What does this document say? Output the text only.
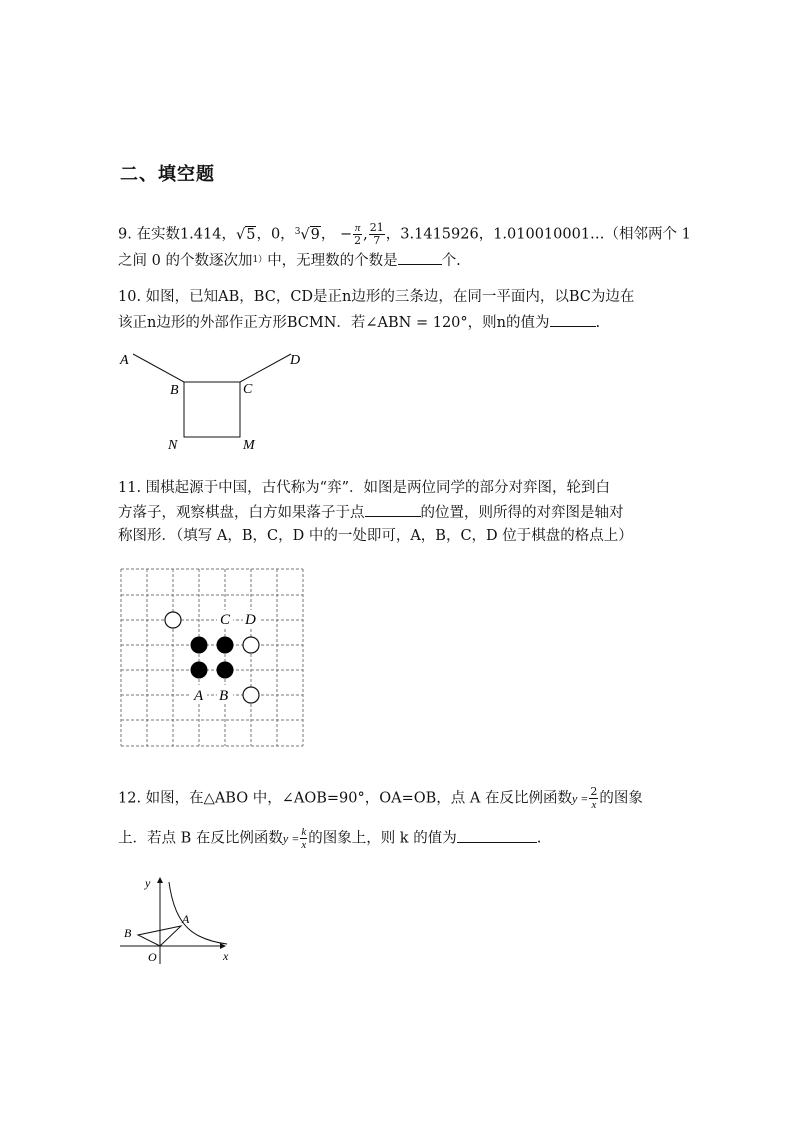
二、填空题
9. 在实数1.414，√5，0，$^3$√9， − $\frac{\pi}{2}$ , $\frac{21}{7}$ ，3.1415926，1.010010001…（相邻两个 1
之间 0 的个数逐次加$^{1)}$中，无理数的个数是	个.
10. 如图，已知AB，BC，CD是正n边形的三条边，在同一平面内，以BC为边在
该正n边形的外部作正方形BCMN．若∠ABN = 120°，则n的值为	.
A
B	C
D
N	M
11. 围棋起源于中国，古代称为“弈”．如图是两位同学的部分对弈图，轮到白
方落子，观察棋盘，白方如果落子于点	的位置，则所得的对弈图是轴对
称图形．（填写 A，B，C，D 中的一处即可，A，B，C，D 位于棋盘的格点上）
C D
A B
12. 如图，在△ABO 中，∠AOB=90°，OA=OB，点 A 在反比例函数$y = \frac{2}{x}$ 的图象
上．若点 B 在反比例函数$y = \frac{k}{x}$ 的图象上，则 k 的值为	.
y
x
O
A
B
